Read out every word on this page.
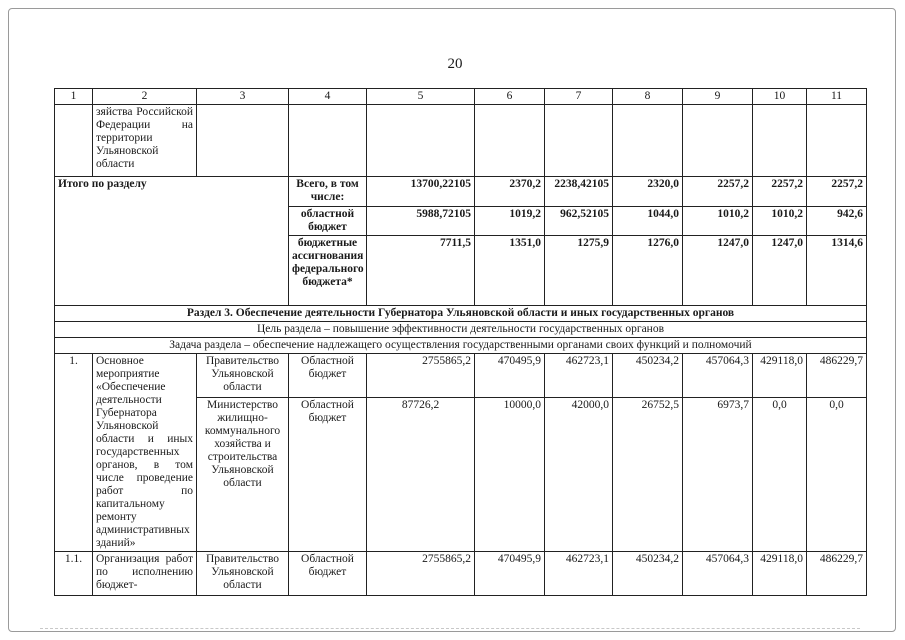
20
1	2	3	4	5	6	7	8	9	10	11
	зяйства Российской Федерации на территории Ульяновской области									
Итого по разделу			Всего, в том числе:	13700,22105	2370,2	2238,42105	2320,0	2257,2	2257,2	2257,2
			областной бюджет	5988,72105	1019,2	962,52105	1044,0	1010,2	1010,2	942,6
			бюджетные ассигнования федерального бюджета*	7711,5	1351,0	1275,9	1276,0	1247,0	1247,0	1314,6
Раздел 3. Обеспечение деятельности Губернатора Ульяновской области и иных государственных органов										
Цель раздела – повышение эффективности деятельности государственных органов										
Задача раздела – обеспечение надлежащего осуществления государственными органами своих функций и полномочий										
1.	Основное мероприятие «Обеспечение деятельности Губернатора Ульяновской области и иных государственных органов, в том числе проведение работ по капитальному ремонту административных зданий»	Правительство Ульяновской области	Областной бюджет	2755865,2	470495,9	462723,1	450234,2	457064,3	429118,0	486229,7
		Министерство жилищно-коммунального хозяйства и строительства Ульяновской области	Областной бюджет	87726,2	10000,0	42000,0	26752,5	6973,7	0,0	0,0
1.1.	Организация работ по исполнению бюджет-	Правительство Ульяновской области	Областной бюджет	2755865,2	470495,9	462723,1	450234,2	457064,3	429118,0	486229,7
